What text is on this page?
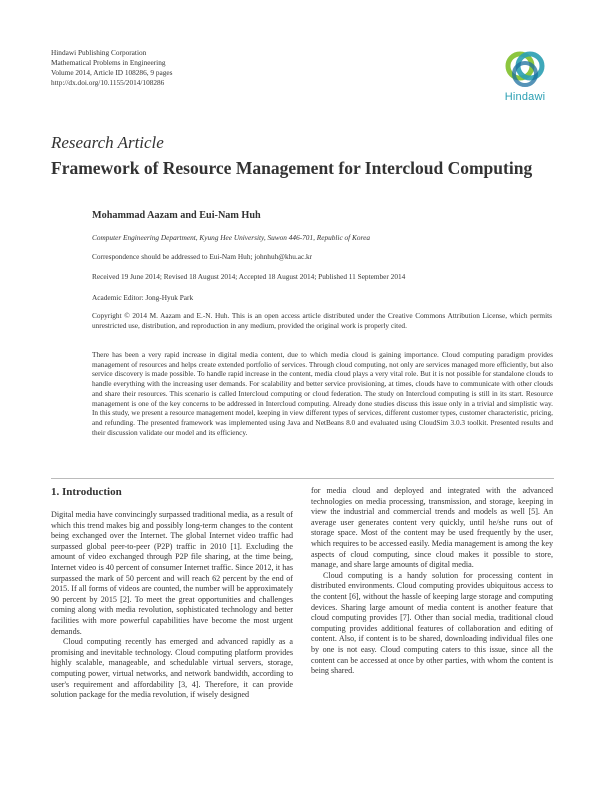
Hindawi Publishing Corporation
Mathematical Problems in Engineering
Volume 2014, Article ID 108286, 9 pages
http://dx.doi.org/10.1155/2014/108286
Hindawi
Research Article
Framework of Resource Management for Intercloud Computing
Mohammad Aazam and Eui-Nam Huh
Computer Engineering Department, Kyung Hee University, Suwon 446-701, Republic of Korea
Correspondence should be addressed to Eui-Nam Huh; johnhuh@khu.ac.kr
Received 19 June 2014; Revised 18 August 2014; Accepted 18 August 2014; Published 11 September 2014
Academic Editor: Jong-Hyuk Park
Copyright © 2014 M. Aazam and E.-N. Huh. This is an open access article distributed under the Creative Commons Attribution License, which permits unrestricted use, distribution, and reproduction in any medium, provided the original work is properly cited.
There has been a very rapid increase in digital media content, due to which media cloud is gaining importance. Cloud computing paradigm provides management of resources and helps create extended portfolio of services. Through cloud computing, not only are services managed more efficiently, but also service discovery is made possible. To handle rapid increase in the content, media cloud plays a very vital role. But it is not possible for standalone clouds to handle everything with the increasing user demands. For scalability and better service provisioning, at times, clouds have to communicate with other clouds and share their resources. This scenario is called Intercloud computing or cloud federation. The study on Intercloud computing is still in its start. Resource management is one of the key concerns to be addressed in Intercloud computing. Already done studies discuss this issue only in a trivial and simplistic way. In this study, we present a resource management model, keeping in view different types of services, different customer types, customer characteristic, pricing, and refunding. The presented framework was implemented using Java and NetBeans 8.0 and evaluated using CloudSim 3.0.3 toolkit. Presented results and their discussion validate our model and its efficiency.
1. Introduction

Digital media have convincingly surpassed traditional media, as a result of which this trend makes big and possibly long-term changes to the content being exchanged over the Internet. The global Internet video traffic had surpassed global peer-to-peer (P2P) traffic in 2010 [1]. Excluding the amount of video exchanged through P2P file sharing, at the time being, Internet video is 40 percent of consumer Internet traffic. Since 2012, it has surpassed the mark of 50 percent and will reach 62 percent by the end of 2015. If all forms of videos are counted, the number will be approximately 90 percent by 2015 [2]. To meet the great opportunities and challenges coming along with media revolution, sophisticated technology and better facilities with more powerful capabilities have become the most urgent demands.

Cloud computing recently has emerged and advanced rapidly as a promising and inevitable technology. Cloud computing platform provides highly scalable, manageable, and schedulable virtual servers, storage, computing power, virtual networks, and network bandwidth, according to user's requirement and affordability [3, 4]. Therefore, it can provide solution package for the media revolution, if wisely designed

for media cloud and deployed and integrated with the advanced technologies on media processing, transmission, and storage, keeping in view the industrial and commercial trends and models as well [5]. An average user generates content very quickly, until he/she runs out of storage space. Most of the content may be used frequently by the user, which requires to be accessed easily. Media management is among the key aspects of cloud computing, since cloud makes it possible to store, manage, and share large amounts of digital media.

Cloud computing is a handy solution for processing content in distributed environments. Cloud computing provides ubiquitous access to the content [6], without the hassle of keeping large storage and computing devices. Sharing large amount of media content is another feature that cloud computing provides [7]. Other than social media, traditional cloud computing provides additional features of collaboration and editing of content. Also, if content is to be shared, downloading individual files one by one is not easy. Cloud computing caters to this issue, since all the content can be accessed at once by other parties, with whom the content is being shared.
